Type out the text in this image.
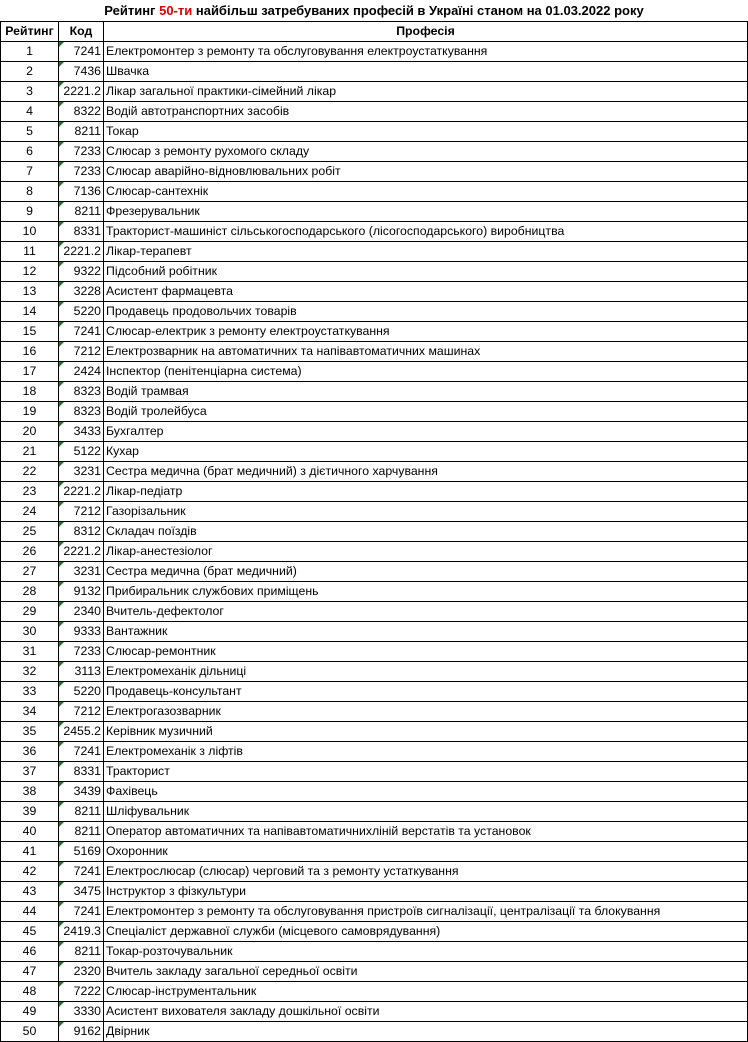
Рейтинг 50-ти найбільш затребуваних професій в Україні станом на 01.03.2022 року
Рейтинг	Код	Професія
1	7241	Електромонтер з ремонту та обслуговування електроустаткування
2	7436	Швачка
3	2221.2	Лікар загальної практики-сімейний лікар
4	8322	Водій автотранспортних засобів
5	8211	Токар
6	7233	Слюсар з ремонту рухомого складу
7	7233	Слюсар аварійно-відновлювальних робіт
8	7136	Слюсар-сантехнік
9	8211	Фрезерувальник
10	8331	Тракторист-машиніст сільськогосподарського (лісогосподарського) виробництва
11	2221.2	Лікар-терапевт
12	9322	Підсобний робітник
13	3228	Асистент фармацевта
14	5220	Продавець продовольчих товарів
15	7241	Слюсар-електрик з ремонту електроустаткування
16	7212	Електрозварник на автоматичних та напівавтоматичних машинах
17	2424	Інспектор (пенітенціарна система)
18	8323	Водій трамвая
19	8323	Водій тролейбуса
20	3433	Бухгалтер
21	5122	Кухар
22	3231	Сестра медична (брат медичний) з дієтичного харчування
23	2221.2	Лікар-педіатр
24	7212	Газорізальник
25	8312	Складач поїздів
26	2221.2	Лікар-анестезіолог
27	3231	Сестра медична (брат медичний)
28	9132	Прибиральник службових приміщень
29	2340	Вчитель-дефектолог
30	9333	Вантажник
31	7233	Слюсар-ремонтник
32	3113	Електромеханік дільниці
33	5220	Продавець-консультант
34	7212	Електрогазозварник
35	2455.2	Керівник музичний
36	7241	Електромеханік з ліфтів
37	8331	Тракторист
38	3439	Фахівець
39	8211	Шліфувальник
40	8211	Оператор автоматичних та напівавтоматичнихліній верстатів та установок
41	5169	Охоронник
42	7241	Електрослюсар (слюсар) черговий та з ремонту устаткування
43	3475	Інструктор з фізкультури
44	7241	Електромонтер з ремонту та обслуговування пристроїв сигналізації, централізації та блокування
45	2419.3	Спеціаліст державної служби (місцевого самоврядування)
46	8211	Токар-розточувальник
47	2320	Вчитель закладу загальної середньої освіти
48	7222	Слюсар-інструментальник
49	3330	Асистент вихователя закладу дошкільної освіти
50	9162	Двірник
